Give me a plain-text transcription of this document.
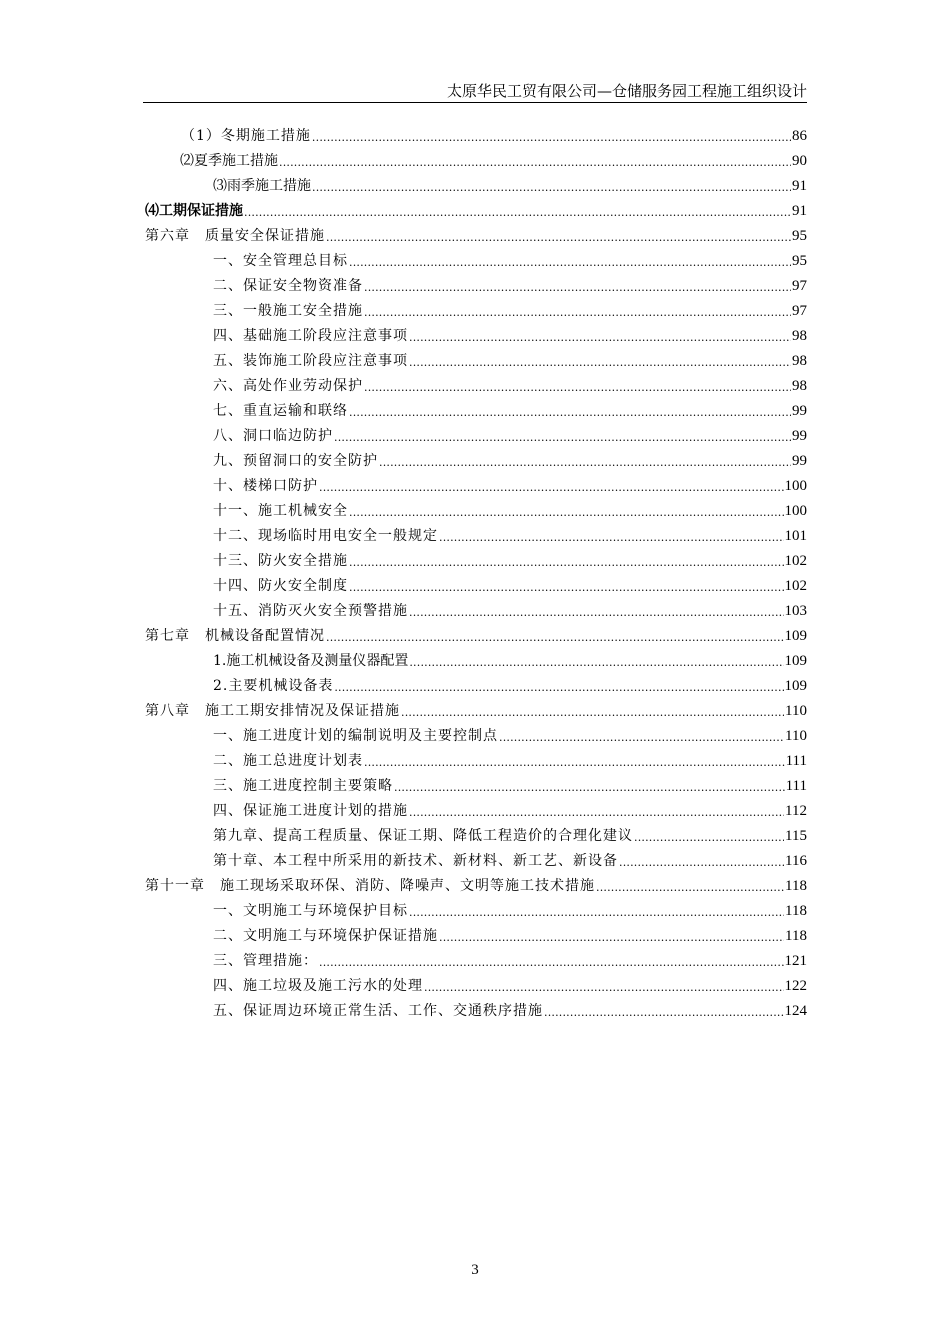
太原华民工贸有限公司—仓储服务园工程施工组织设计
（1）冬期施工措施 .....	86
⑵夏季施工措施 .....	90
⑶雨季施工措施 .....	91
⑷工期保证措施 .....	91
第六章　质量安全保证措施 .....	95
一、安全管理总目标 .....	95
二、保证安全物资准备 .....	97
三、一般施工安全措施 .....	97
四、基础施工阶段应注意事项 .....	98
五、装饰施工阶段应注意事项 .....	98
六、高处作业劳动保护 .....	98
七、重直运输和联络 .....	99
八、洞口临边防护 .....	99
九、预留洞口的安全防护 .....	99
十、楼梯口防护 .....	100
十一、施工机械安全 .....	100
十二、现场临时用电安全一般规定 .....	101
十三、防火安全措施 .....	102
十四、防火安全制度 .....	102
十五、消防灭火安全预警措施 .....	103
第七章　机械设备配置情况 .....	109
1.施工机械设备及测量仪器配置 .....	109
2.主要机械设备表 .....	109
第八章　施工工期安排情况及保证措施 .....	110
一、施工进度计划的编制说明及主要控制点 .....	110
二、施工总进度计划表 .....	111
三、施工进度控制主要策略 .....	111
四、保证施工进度计划的措施 .....	112
第九章、提高工程质量、保证工期、降低工程造价的合理化建议 .....	115
第十章、本工程中所采用的新技术、新材料、新工艺、新设备 .....	116
第十一章　施工现场采取环保、消防、降噪声、文明等施工技术措施 .....	118
一、文明施工与环境保护目标 .....	118
二、文明施工与环境保护保证措施 .....	118
三、管理措施： .....	121
四、施工垃圾及施工污水的处理 .....	122
五、保证周边环境正常生活、工作、交通秩序措施 .....	124
3
